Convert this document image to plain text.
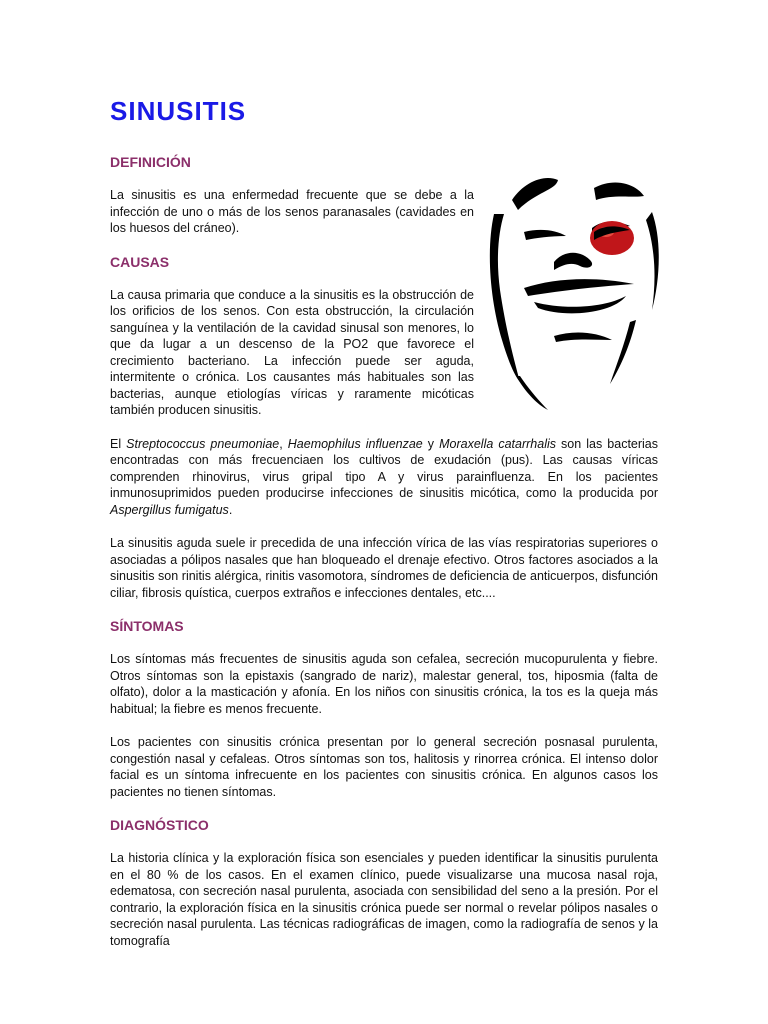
SINUSITIS
DEFINICIÓN

La sinusitis es una enfermedad frecuente que se debe a la infección de uno o más de los senos paranasales (cavidades en los huesos del cráneo).

CAUSAS

La causa primaria que conduce a la sinusitis es la obstrucción de los orificios de los senos. Con esta obstrucción, la circulación sanguínea y la ventilación de la cavidad sinusal son menores, lo que da lugar a un descenso de la PO2 que favorece el crecimiento bacteriano. La infección puede ser aguda, intermitente o crónica. Los causantes más habituales son las bacterias, aunque etiologías víricas y raramente micóticas también producen sinusitis.

El Streptococcus pneumoniae, Haemophilus influenzae y Moraxella catarrhalis son las bacterias encontradas con más frecuenciaen los cultivos de exudación (pus). Las causas víricas comprenden rhinovirus, virus gripal tipo A y virus parainfluenza. En los pacientes inmunosuprimidos pueden producirse infecciones de sinusitis micótica, como la producida por Aspergillus fumigatus.

La sinusitis aguda suele ir precedida de una infección vírica de las vías respiratorias superiores o asociadas a pólipos nasales que han bloqueado el drenaje efectivo. Otros factores asociados a la sinusitis son rinitis alérgica, rinitis vasomotora, síndromes de deficiencia de anticuerpos, disfunción ciliar, fibrosis quística, cuerpos extraños e infecciones dentales, etc....

SÍNTOMAS

Los síntomas más frecuentes de sinusitis aguda son cefalea, secreción mucopurulenta y fiebre. Otros síntomas son la epistaxis (sangrado de nariz), malestar general, tos, hiposmia (falta de olfato), dolor a la masticación y afonía. En los niños con sinusitis crónica, la tos es la queja más habitual; la fiebre es menos frecuente.

Los pacientes con sinusitis crónica presentan por lo general secreción posnasal purulenta, congestión nasal y cefaleas. Otros síntomas son tos, halitosis y rinorrea crónica. El intenso dolor facial es un síntoma infrecuente en los pacientes con sinusitis crónica. En algunos casos los pacientes no tienen síntomas.

DIAGNÓSTICO

La historia clínica y la exploración física son esenciales y pueden identificar la sinusitis purulenta en el 80 % de los casos. En el examen clínico, puede visualizarse una mucosa nasal roja, edematosa, con secreción nasal purulenta, asociada con sensibilidad del seno a la presión. Por el contrario, la exploración física en la sinusitis crónica puede ser normal o revelar pólipos nasales o secreción nasal purulenta. Las técnicas radiográficas de imagen, como la radiografía de senos y la tomografía
